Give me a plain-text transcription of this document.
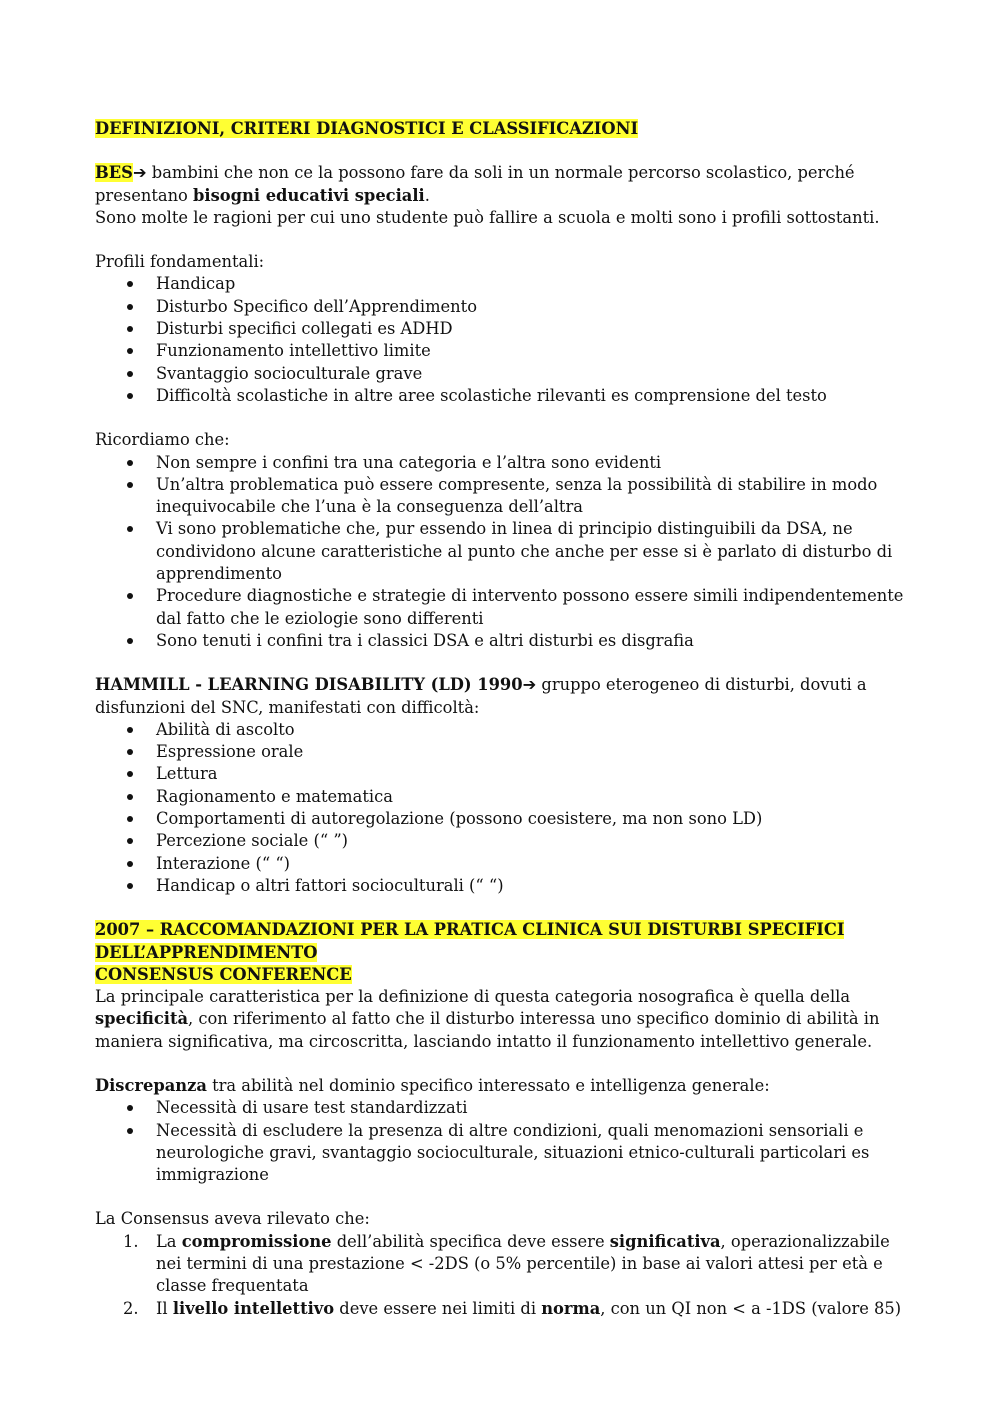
DEFINIZIONI, CRITERI DIAGNOSTICI E CLASSIFICAZIONI

BES➔ bambini che non ce la possono fare da soli in un normale percorso scolastico, perché presentano bisogni educativi speciali.

Sono molte le ragioni per cui uno studente può fallire a scuola e molti sono i profili sottostanti.

Profili fondamentali:

Handicap
Disturbo Specifico dell’Apprendimento
Disturbi specifici collegati es ADHD
Funzionamento intellettivo limite
Svantaggio socioculturale grave
Difficoltà scolastiche in altre aree scolastiche rilevanti es comprensione del testo

Ricordiamo che:

Non sempre i confini tra una categoria e l’altra sono evidenti
Un’altra problematica può essere compresente, senza la possibilità di stabilire in modo inequivocabile che l’una è la conseguenza dell’altra
Vi sono problematiche che, pur essendo in linea di principio distinguibili da DSA, ne condividono alcune caratteristiche al punto che anche per esse si è parlato di disturbo di apprendimento
Procedure diagnostiche e strategie di intervento possono essere simili indipendentemente dal fatto che le eziologie sono differenti
Sono tenuti i confini tra i classici DSA e altri disturbi es disgrafia

HAMMILL - LEARNING DISABILITY (LD) 1990➔ gruppo eterogeneo di disturbi, dovuti a disfunzioni del SNC, manifestati con difficoltà:

Abilità di ascolto
Espressione orale
Lettura
Ragionamento e matematica
Comportamenti di autoregolazione (possono coesistere, ma non sono LD)
Percezione sociale (“ ”)
Interazione (“ “)
Handicap o altri fattori socioculturali (“ “)

2007 – RACCOMANDAZIONI PER LA PRATICA CLINICA SUI DISTURBI SPECIFICI

DELL’APPRENDIMENTO

CONSENSUS CONFERENCE

La principale caratteristica per la definizione di questa categoria nosografica è quella della specificità, con riferimento al fatto che il disturbo interessa uno specifico dominio di abilità in maniera significativa, ma circoscritta, lasciando intatto il funzionamento intellettivo generale.

Discrepanza tra abilità nel dominio specifico interessato e intelligenza generale:

Necessità di usare test standardizzati
Necessità di escludere la presenza di altre condizioni, quali menomazioni sensoriali e neurologiche gravi, svantaggio socioculturale, situazioni etnico-culturali particolari es immigrazione

La Consensus aveva rilevato che:

1. La compromissione dell’abilità specifica deve essere significativa, operazionalizzabile nei termini di una prestazione < -2DS (o 5% percentile) in base ai valori attesi per età e classe frequentata
2. Il livello intellettivo deve essere nei limiti di norma, con un QI non < a -1DS (valore 85)
